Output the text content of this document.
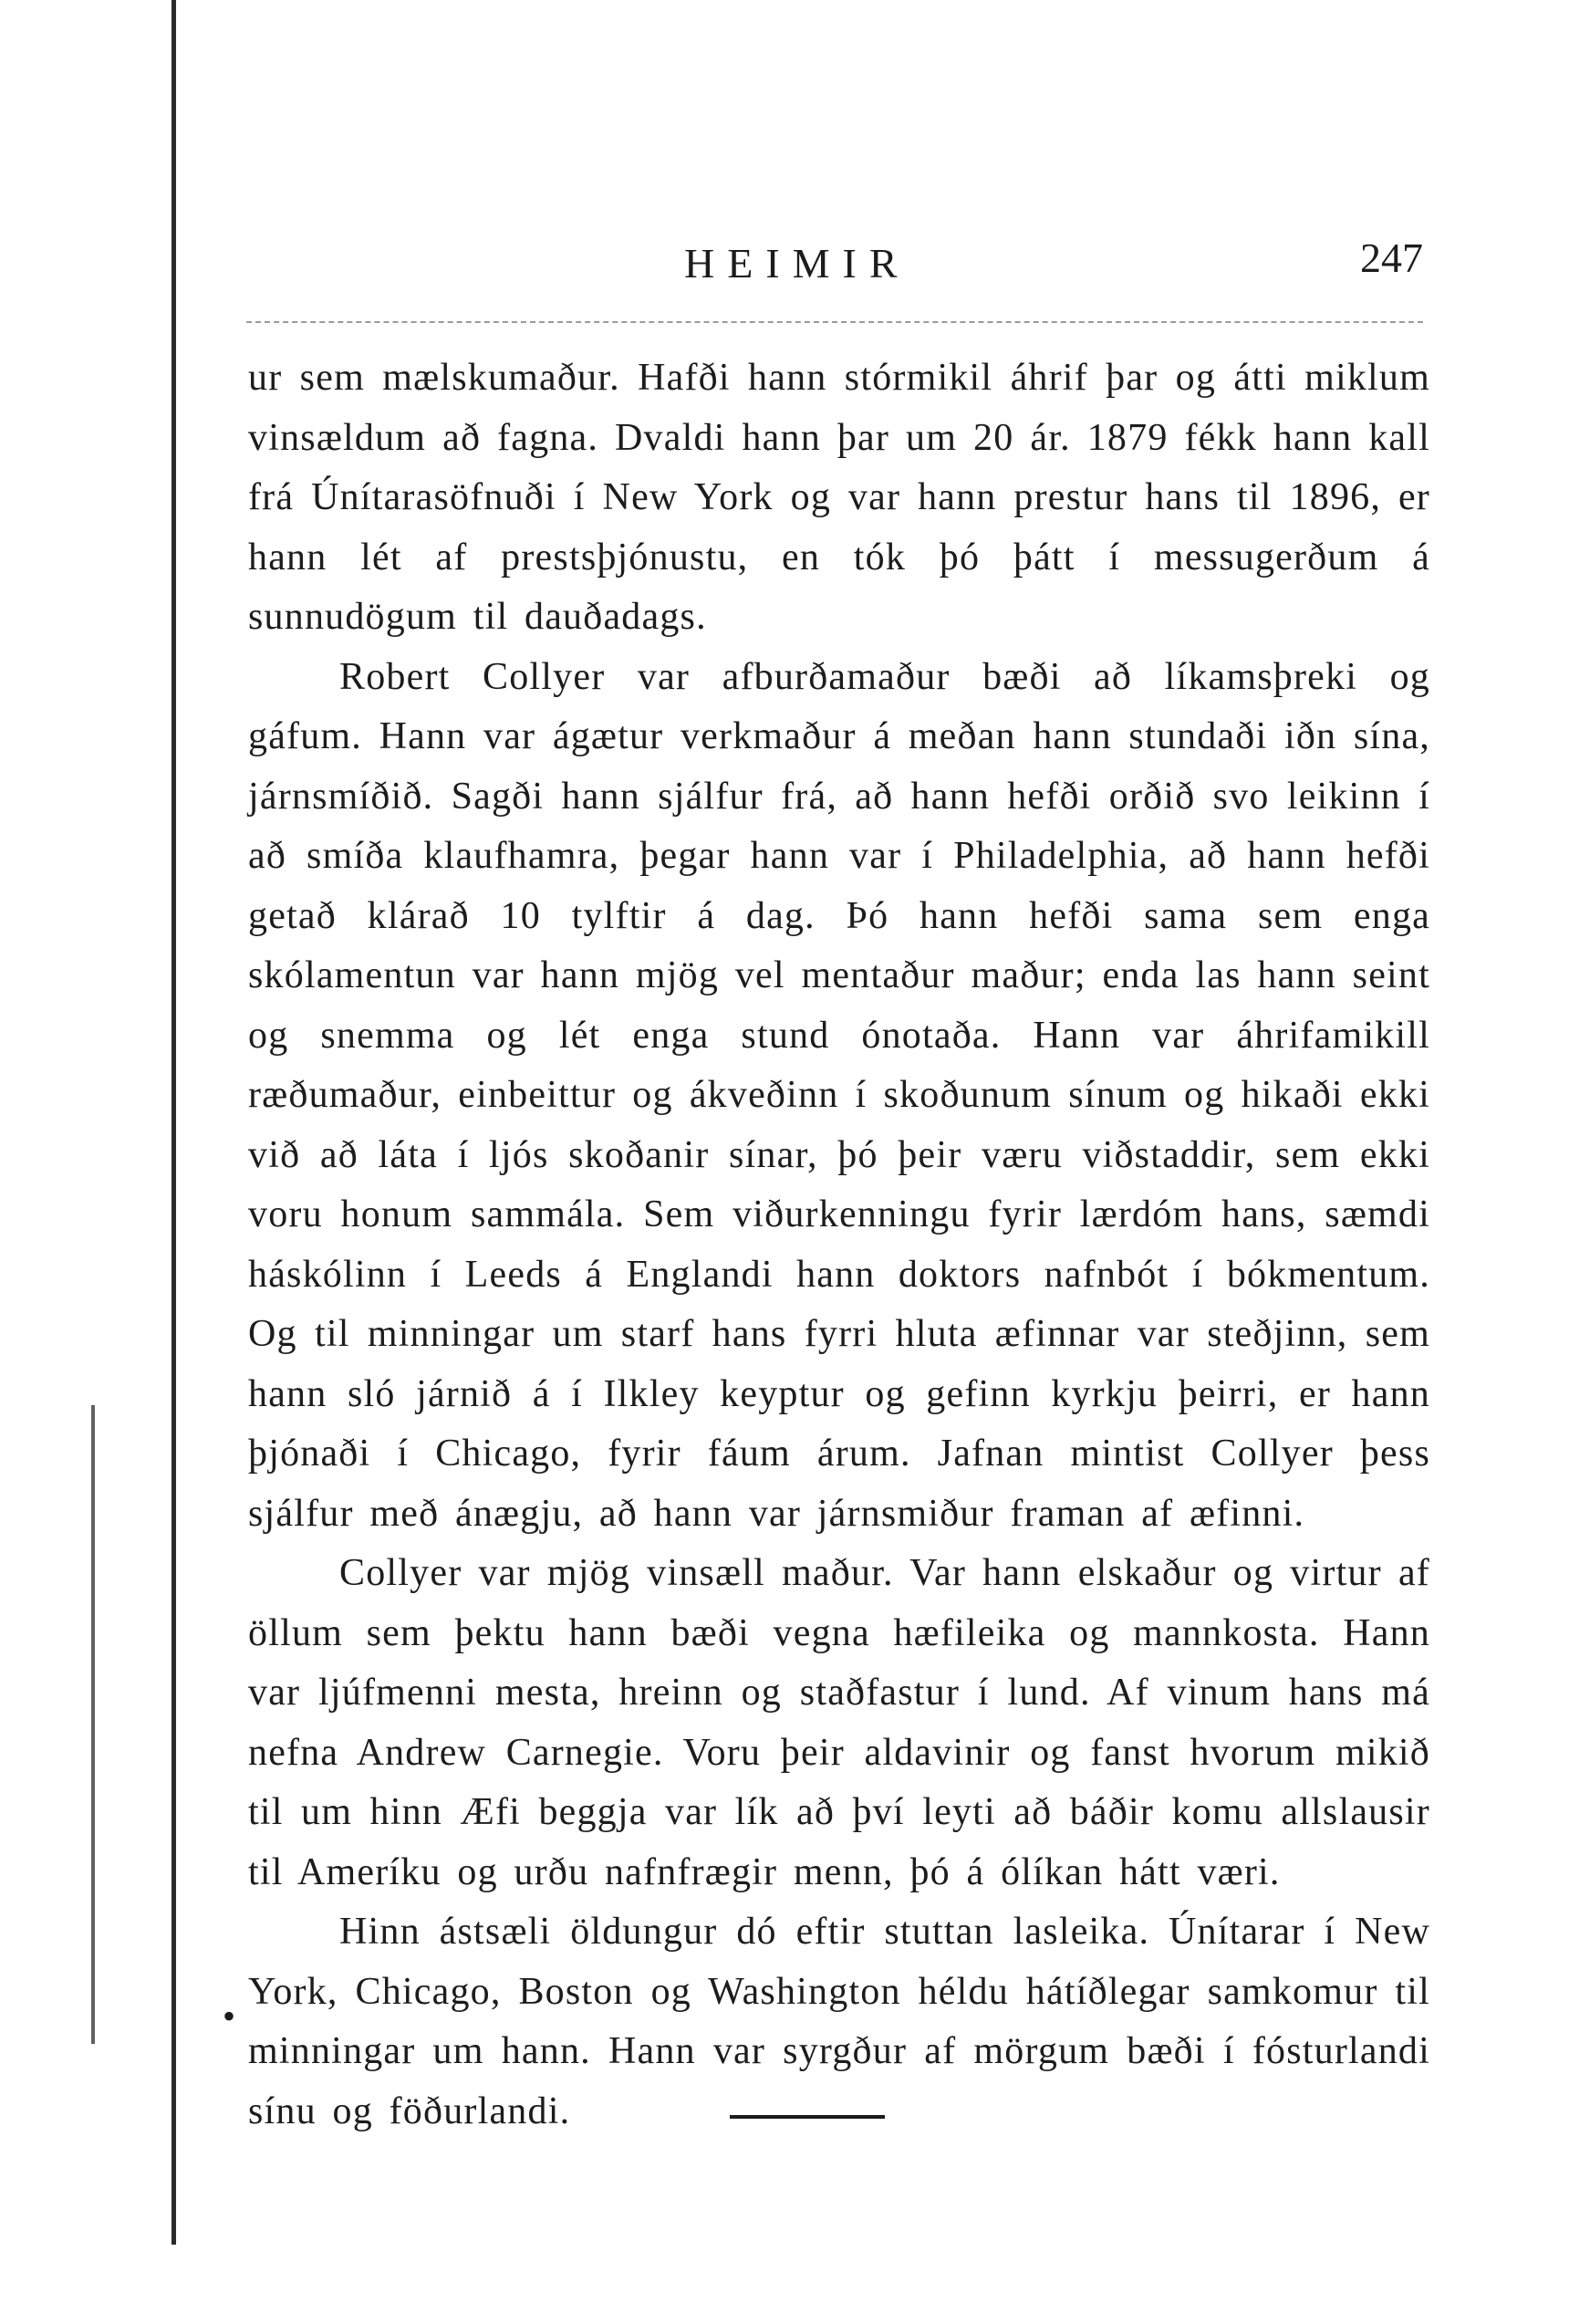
HEIMIR	247

ur sem mælskumaður. Hafði hann stórmikil áhrif þar og átti miklum vinsældum að fagna. Dvaldi hann þar um 20 ár. 1879 fékk hann kall frá Únítarasöfnuði í New York og var hann prestur hans til 1896, er hann lét af prestsþjónustu, en tók þó þátt í messugerðum á sunnudögum til dauðadags.

Robert Collyer var afburðamaður bæði að líkamsþreki og gáfum. Hann var ágætur verkmaður á meðan hann stundaði iðn sína, járnsmíðið. Sagði hann sjálfur frá, að hann hefði orðið svo leikinn í að smíða klaufhamra, þegar hann var í Philadelphia, að hann hefði getað klárað 10 tylftir á dag. Þó hann hefði sama sem enga skólamentun var hann mjög vel mentaður maður; enda las hann seint og snemma og lét enga stund ónotaða. Hann var áhrifamikill ræðumaður, einbeittur og ákveðinn í skoðunum sínum og hikaði ekki við að láta í ljós skoðanir sínar, þó þeir væru viðstaddir, sem ekki voru honum sammála. Sem viðurkenningu fyrir lærdóm hans, sæmdi háskólinn í Leeds á Englandi hann doktors nafnbót í bókmentum. Og til minningar um starf hans fyrri hluta æfinnar var steðjinn, sem hann sló járnið á í Ilkley keyptur og gefinn kyrkju þeirri, er hann þjónaði í Chicago, fyrir fáum árum. Jafnan mintist Collyer þess sjálfur með ánægju, að hann var járnsmiður framan af æfinni.

Collyer var mjög vinsæll maður. Var hann elskaður og virtur af öllum sem þektu hann bæði vegna hæfileika og mannkosta. Hann var ljúfmenni mesta, hreinn og staðfastur í lund. Af vinum hans má nefna Andrew Carnegie. Voru þeir aldavinir og fanst hvorum mikið til um hinn Æfi beggja var lík að því leyti að báðir komu allslausir til Ameríku og urðu nafnfrægir menn, þó á ólíkan hátt væri.

Hinn ástsæli öldungur dó eftir stuttan lasleika. Únítarar í New York, Chicago, Boston og Washington héldu hátíðlegar samkomur til minningar um hann. Hann var syrgður af mörgum bæði í fósturlandi sínu og föðurlandi.

•
